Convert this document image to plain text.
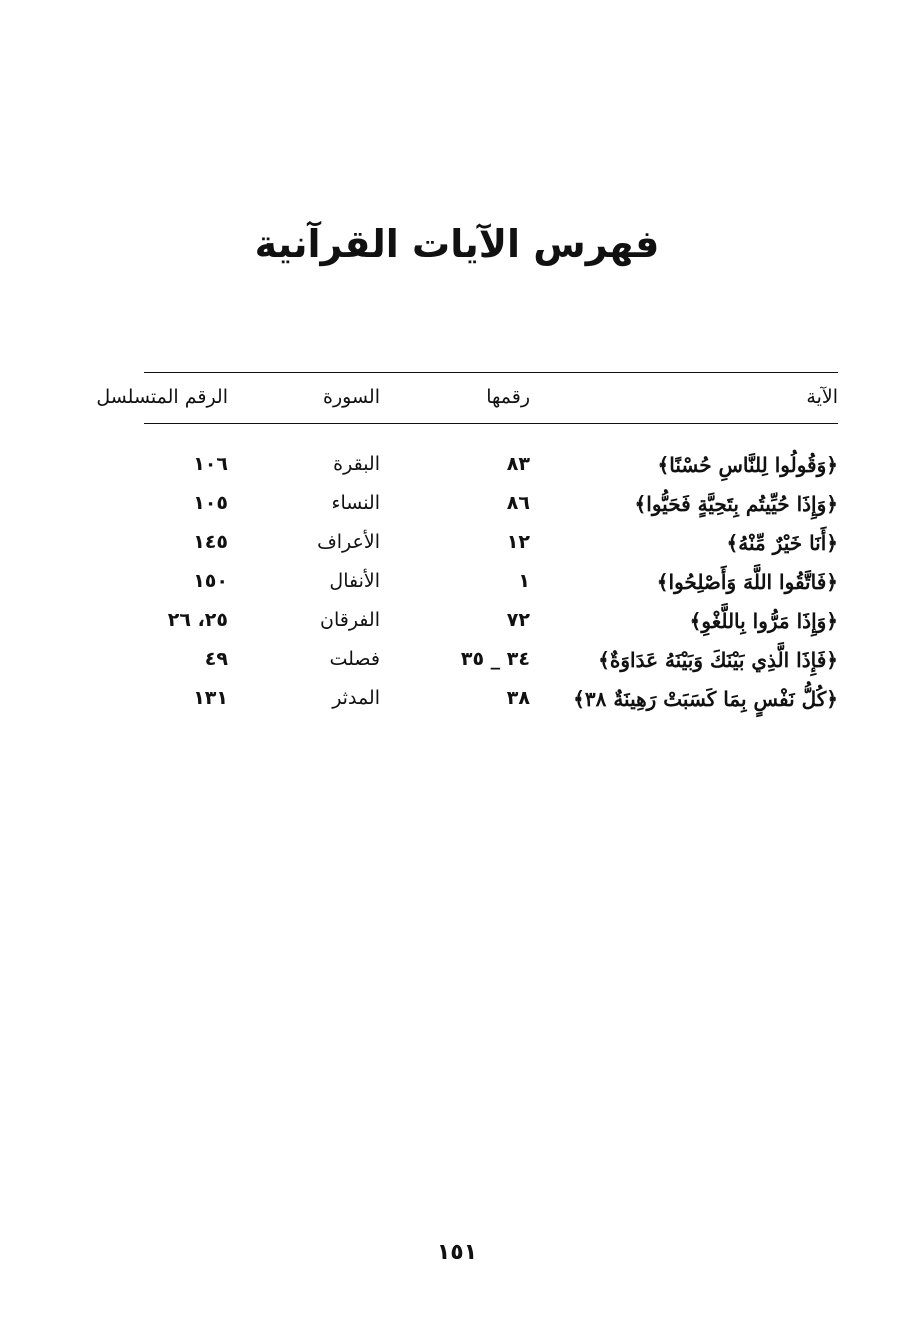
فهرس الآيات القرآنية
الآية
رقمها
السورة
الرقم المتسلسل
﴿وَقُولُوا لِلنَّاسِ حُسْنًا﴾
٨٣
البقرة
١٠٦
﴿وَإِذَا حُيِّيتُم بِتَحِيَّةٍ فَحَيُّوا﴾
٨٦
النساء
١٠٥
﴿أَنَا خَيْرٌ مِّنْهُ﴾
١٢
الأعراف
١٤٥
﴿فَاتَّقُوا اللَّهَ وَأَصْلِحُوا﴾
١
الأنفال
١٥٠
﴿وَإِذَا مَرُّوا بِاللَّغْوِ﴾
٧٢
الفرقان
٢٥، ٢٦
﴿فَإِذَا الَّذِي بَيْنَكَ وَبَيْنَهُ عَدَاوَةٌ﴾
٣٤ _ ٣٥
فصلت
٤٩
﴿كُلُّ نَفْسٍ بِمَا كَسَبَتْ رَهِينَةٌ ٣٨﴾
٣٨
المدثر
١٣١
١٥١
